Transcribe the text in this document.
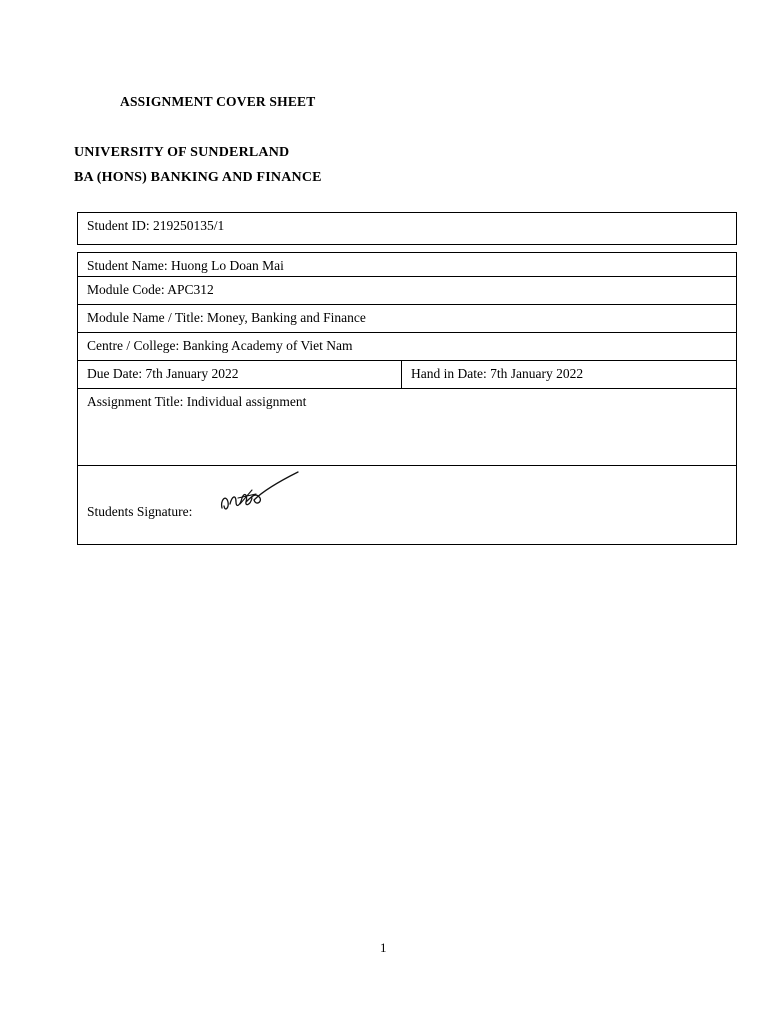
ASSIGNMENT COVER SHEET
UNIVERSITY OF SUNDERLAND
BA (HONS) BANKING AND FINANCE
Student ID: 219250135/1
Student Name: Huong Lo Doan Mai
Module Code: APC312
Module Name / Title: Money, Banking and Finance
Centre / College: Banking Academy of Viet Nam
Due Date: 7th January 2022	Hand in Date: 7th January 2022
Assignment Title: Individual assignment
Students Signature:
1
